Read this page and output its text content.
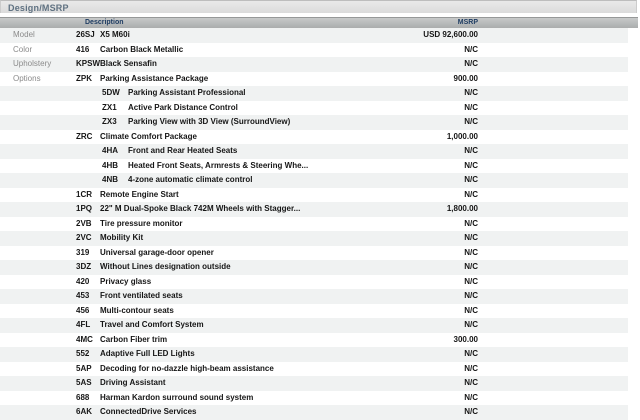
Design/MSRP
Description	MSRP
Model	26SJ X5 M60i	USD 92,600.00
Color	416 Carbon Black Metallic	N/C
Upholstery	KPSW Black Sensafin	N/C
Options	ZPK Parking Assistance Package	900.00
5DW Parking Assistant Professional	N/C
ZX1 Active Park Distance Control	N/C
ZX3 Parking View with 3D View (SurroundView)	N/C
ZRC Climate Comfort Package	1,000.00
4HA Front and Rear Heated Seats	N/C
4HB Heated Front Seats, Armrests & Steering Whe...	N/C
4NB 4-zone automatic climate control	N/C
1CR Remote Engine Start	N/C
1PQ 22" M Dual-Spoke Black 742M Wheels with Stagger...	1,800.00
2VB Tire pressure monitor	N/C
2VC Mobility Kit	N/C
319 Universal garage-door opener	N/C
3DZ Without Lines designation outside	N/C
420 Privacy glass	N/C
453 Front ventilated seats	N/C
456 Multi-contour seats	N/C
4FL Travel and Comfort System	N/C
4MC Carbon Fiber trim	300.00
552 Adaptive Full LED Lights	N/C
5AP Decoding for no-dazzle high-beam assistance	N/C
5AS Driving Assistant	N/C
688 Harman Kardon surround sound system	N/C
6AK ConnectedDrive Services	N/C
